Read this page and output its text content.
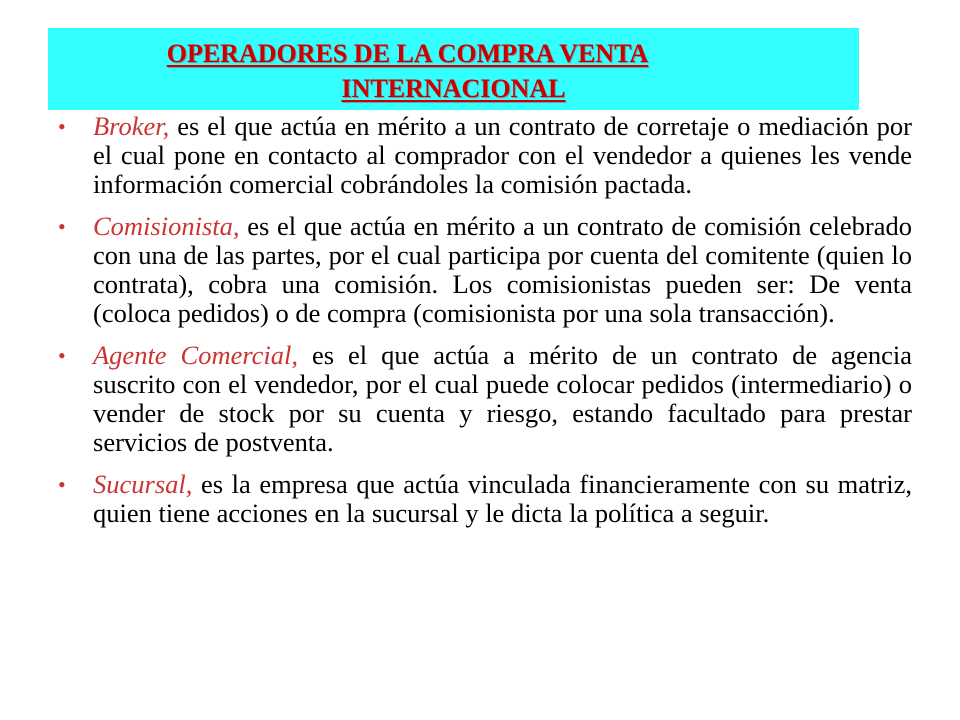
OPERADORES DE LA COMPRA VENTA
INTERNACIONAL
• Broker, es el que actúa en mérito a un contrato de corretaje o mediación por el cual pone en contacto al comprador con el vendedor a quienes les vende información comercial cobrándoles la comisión pactada.
• Comisionista, es el que actúa en mérito a un contrato de comisión celebrado con una de las partes, por el cual participa por cuenta del comitente (quien lo contrata), cobra una comisión. Los comisionistas pueden ser: De venta (coloca pedidos) o de compra (comisionista por una sola transacción).
• Agente Comercial, es el que actúa a mérito de un contrato de agencia suscrito con el vendedor, por el cual puede colocar pedidos (intermediario) o vender de stock por su cuenta y riesgo, estando facultado para prestar servicios de postventa.
• Sucursal, es la empresa que actúa vinculada financieramente con su matriz, quien tiene acciones en la sucursal y le dicta la política a seguir.
